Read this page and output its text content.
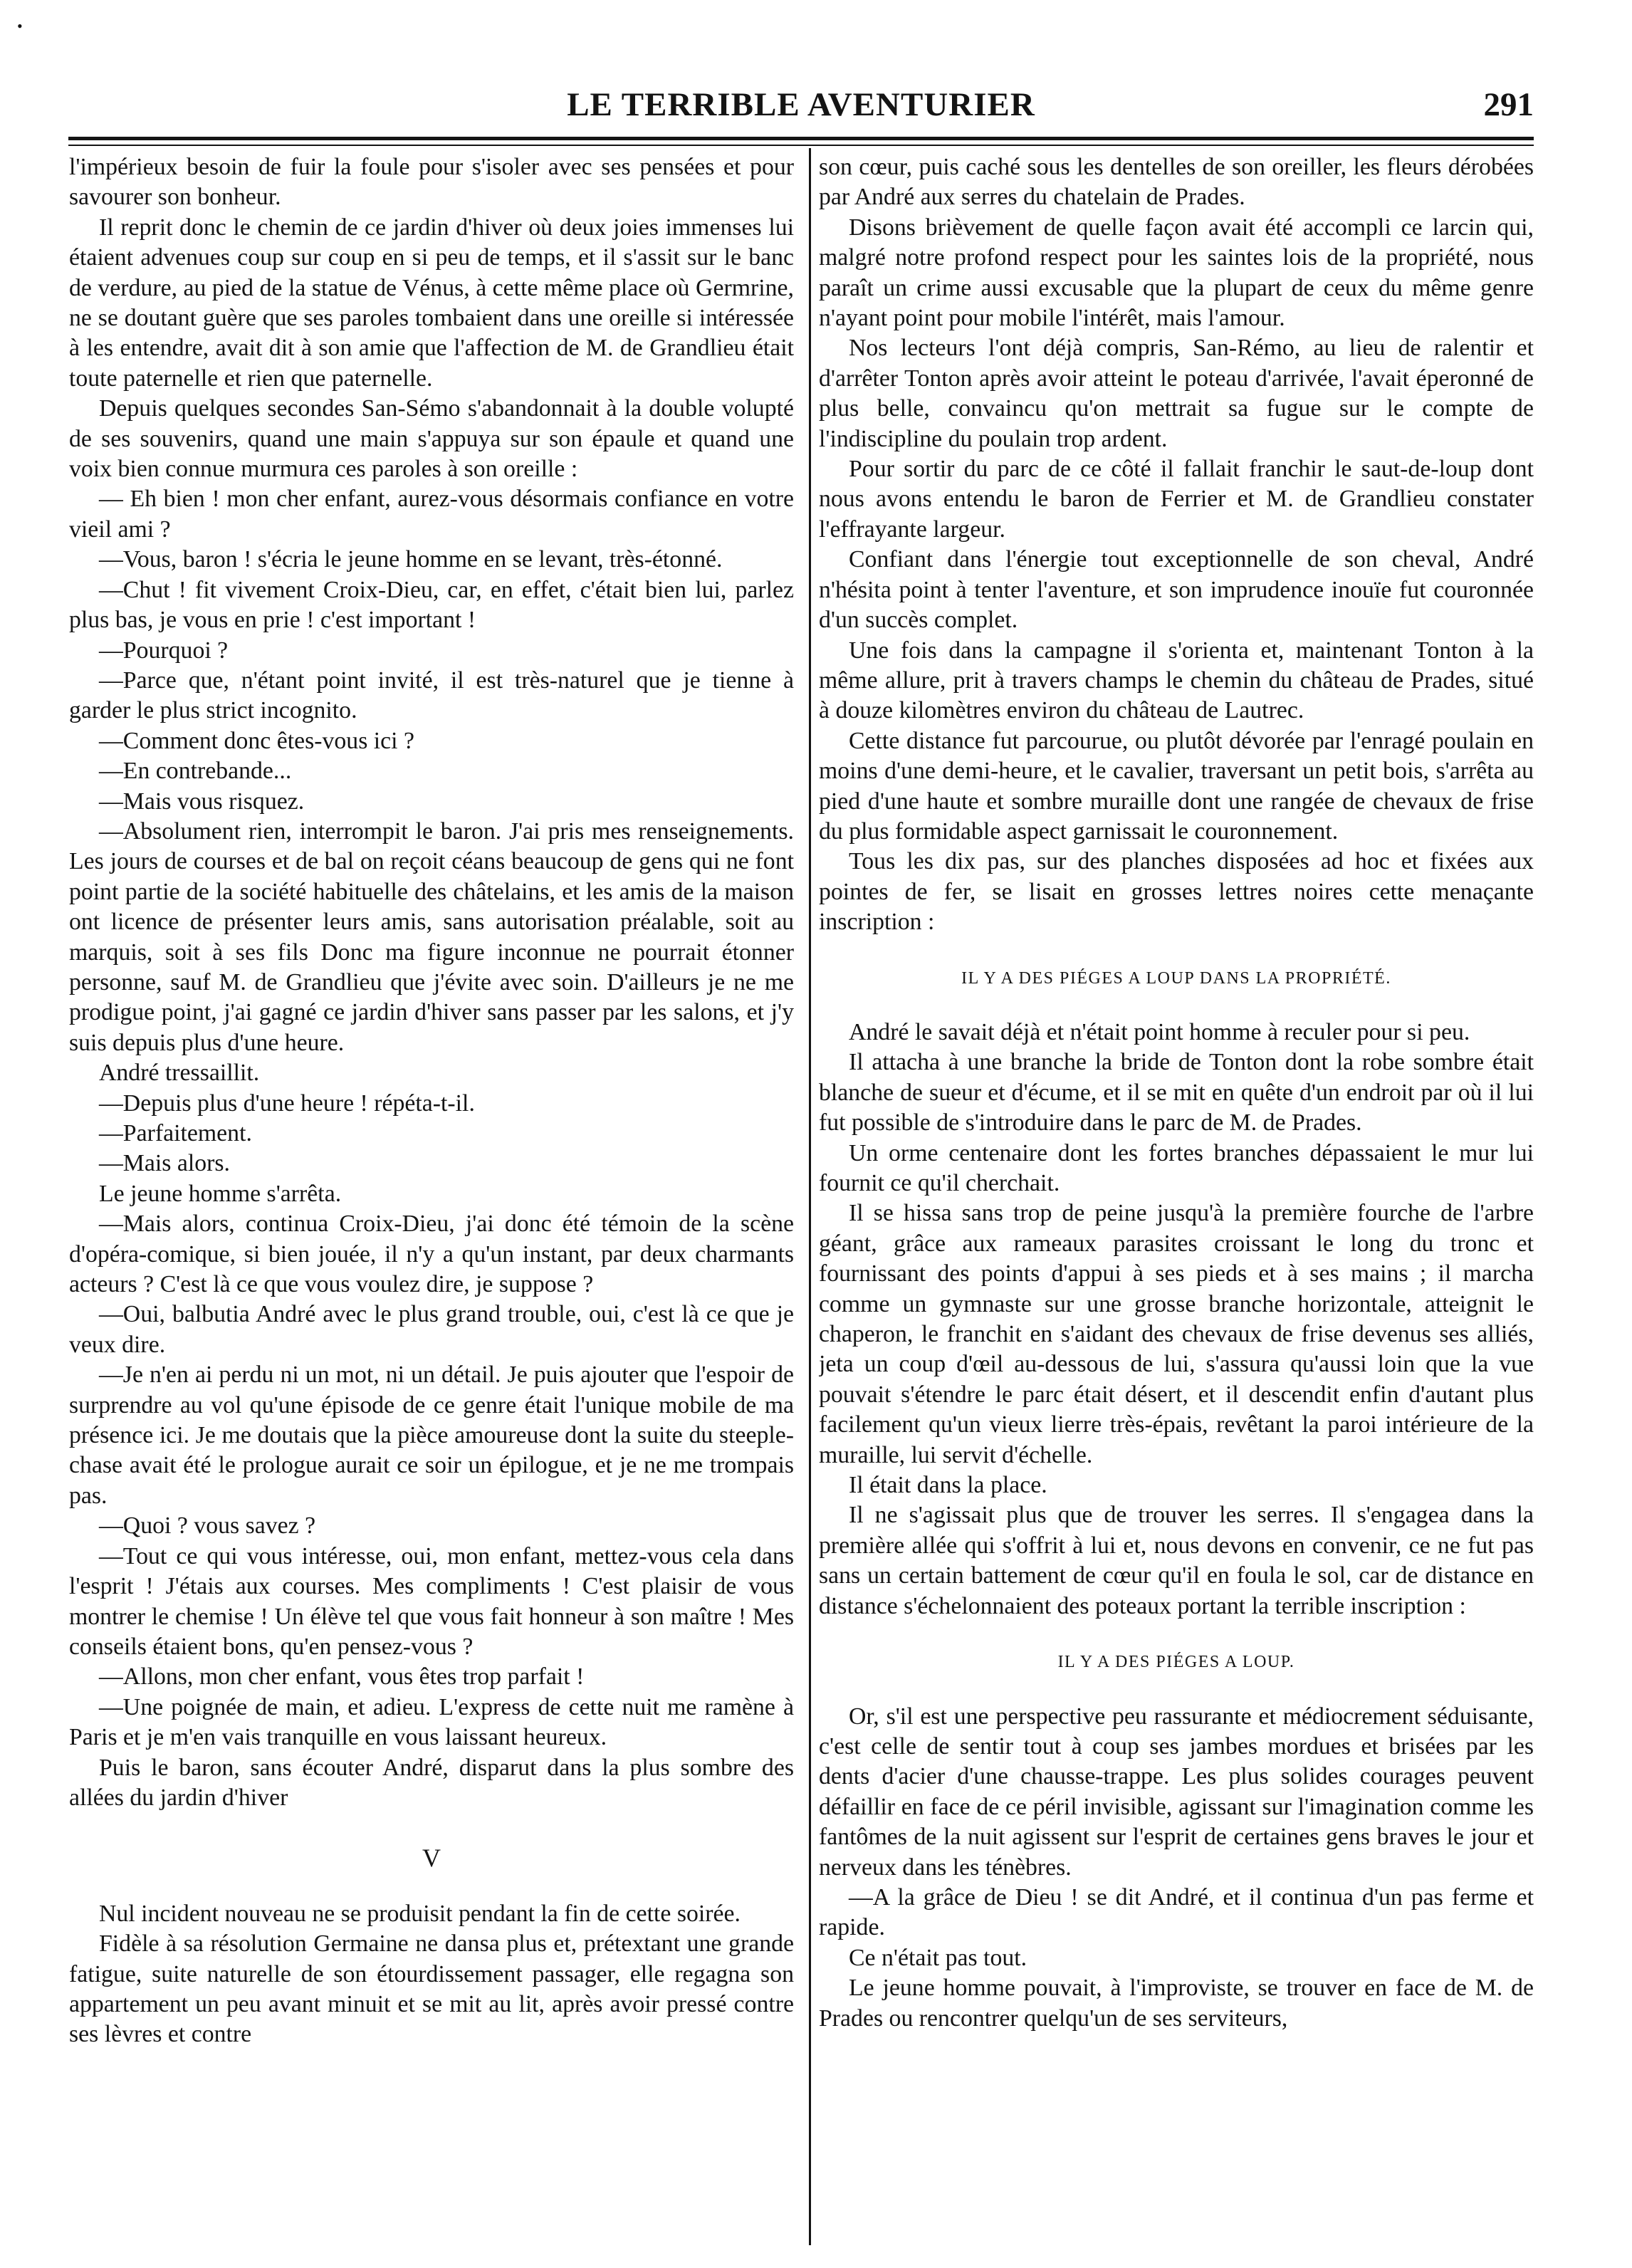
•
LE TERRIBLE AVENTURIER	291

l'impérieux besoin de fuir la foule pour s'isoler avec ses pensées et pour savourer son bonheur.

Il reprit donc le chemin de ce jardin d'hiver où deux joies immenses lui étaient advenues coup sur coup en si peu de temps, et il s'assit sur le banc de verdure, au pied de la statue de Vénus, à cette même place où Germrine, ne se doutant guère que ses paroles tombaient dans une oreille si intéressée à les entendre, avait dit à son amie que l'affection de M. de Grandlieu était toute paternelle et rien que paternelle.

Depuis quelques secondes San-Sémo s'abandonnait à la double volupté de ses souvenirs, quand une main s'appuya sur son épaule et quand une voix bien connue murmura ces paroles à son oreille :

— Eh bien ! mon cher enfant, aurez-vous désormais confiance en votre vieil ami ?

—Vous, baron ! s'écria le jeune homme en se levant, très-étonné.

—Chut ! fit vivement Croix-Dieu, car, en effet, c'était bien lui, parlez plus bas, je vous en prie ! c'est important !

—Pourquoi ?

—Parce que, n'étant point invité, il est très-naturel que je tienne à garder le plus strict incognito.

—Comment donc êtes-vous ici ?

—En contrebande...

—Mais vous risquez.

—Absolument rien, interrompit le baron. J'ai pris mes renseignements. Les jours de courses et de bal on reçoit céans beaucoup de gens qui ne font point partie de la société habituelle des châtelains, et les amis de la maison ont licence de présenter leurs amis, sans autorisation préalable, soit au marquis, soit à ses fils Donc ma figure inconnue ne pourrait étonner personne, sauf M. de Grandlieu que j'évite avec soin. D'ailleurs je ne me prodigue point, j'ai gagné ce jardin d'hiver sans passer par les salons, et j'y suis depuis plus d'une heure.

André tressaillit.

—Depuis plus d'une heure ! répéta-t-il.

—Parfaitement.

—Mais alors.

Le jeune homme s'arrêta.

—Mais alors, continua Croix-Dieu, j'ai donc été témoin de la scène d'opéra-comique, si bien jouée, il n'y a qu'un instant, par deux charmants acteurs ? C'est là ce que vous voulez dire, je suppose ?

—Oui, balbutia André avec le plus grand trouble, oui, c'est là ce que je veux dire.

—Je n'en ai perdu ni un mot, ni un détail. Je puis ajouter que l'espoir de surprendre au vol qu'une épisode de ce genre était l'unique mobile de ma présence ici. Je me doutais que la pièce amoureuse dont la suite du steeple-chase avait été le prologue aurait ce soir un épilogue, et je ne me trompais pas.

—Quoi ? vous savez ?

—Tout ce qui vous intéresse, oui, mon enfant, mettez-vous cela dans l'esprit ! J'étais aux courses. Mes compliments ! C'est plaisir de vous montrer le chemise ! Un élève tel que vous fait honneur à son maître ! Mes conseils étaient bons, qu'en pensez-vous ?

—Allons, mon cher enfant, vous êtes trop parfait !

—Une poignée de main, et adieu. L'express de cette nuit me ramène à Paris et je m'en vais tranquille en vous laissant heureux.

Puis le baron, sans écouter André, disparut dans la plus sombre des allées du jardin d'hiver

V

Nul incident nouveau ne se produisit pendant la fin de cette soirée.

Fidèle à sa résolution Germaine ne dansa plus et, prétextant une grande fatigue, suite naturelle de son étourdissement passager, elle regagna son appartement un peu avant minuit et se mit au lit, après avoir pressé contre ses lèvres et contre

son cœur, puis caché sous les dentelles de son oreiller, les fleurs dérobées par André aux serres du chatelain de Prades.

Disons brièvement de quelle façon avait été accompli ce larcin qui, malgré notre profond respect pour les saintes lois de la propriété, nous paraît un crime aussi excusable que la plupart de ceux du même genre n'ayant point pour mobile l'intérêt, mais l'amour.

Nos lecteurs l'ont déjà compris, San-Rémo, au lieu de ralentir et d'arrêter Tonton après avoir atteint le poteau d'arrivée, l'avait éperonné de plus belle, convaincu qu'on mettrait sa fugue sur le compte de l'indiscipline du poulain trop ardent.

Pour sortir du parc de ce côté il fallait franchir le saut-de-loup dont nous avons entendu le baron de Ferrier et M. de Grandlieu constater l'effrayante largeur.

Confiant dans l'énergie tout exceptionnelle de son cheval, André n'hésita point à tenter l'aventure, et son imprudence inouïe fut couronnée d'un succès complet.

Une fois dans la campagne il s'orienta et, maintenant Tonton à la même allure, prit à travers champs le chemin du château de Prades, situé à douze kilomètres environ du château de Lautrec.

Cette distance fut parcourue, ou plutôt dévorée par l'enragé poulain en moins d'une demi-heure, et le cavalier, traversant un petit bois, s'arrêta au pied d'une haute et sombre muraille dont une rangée de chevaux de frise du plus formidable aspect garnissait le couronnement.

Tous les dix pas, sur des planches disposées ad hoc et fixées aux pointes de fer, se lisait en grosses lettres noires cette menaçante inscription :

IL Y A DES PIÉGES A LOUP DANS LA PROPRIÉTÉ.

André le savait déjà et n'était point homme à reculer pour si peu.

Il attacha à une branche la bride de Tonton dont la robe sombre était blanche de sueur et d'écume, et il se mit en quête d'un endroit par où il lui fut possible de s'introduire dans le parc de M. de Prades.

Un orme centenaire dont les fortes branches dépassaient le mur lui fournit ce qu'il cherchait.

Il se hissa sans trop de peine jusqu'à la première fourche de l'arbre géant, grâce aux rameaux parasites croissant le long du tronc et fournissant des points d'appui à ses pieds et à ses mains ; il marcha comme un gymnaste sur une grosse branche horizontale, atteignit le chaperon, le franchit en s'aidant des chevaux de frise devenus ses alliés, jeta un coup d'œil au-dessous de lui, s'assura qu'aussi loin que la vue pouvait s'étendre le parc était désert, et il descendit enfin d'autant plus facilement qu'un vieux lierre très-épais, revêtant la paroi intérieure de la muraille, lui servit d'échelle.

Il était dans la place.

Il ne s'agissait plus que de trouver les serres. Il s'engagea dans la première allée qui s'offrit à lui et, nous devons en convenir, ce ne fut pas sans un certain battement de cœur qu'il en foula le sol, car de distance en distance s'échelonnaient des poteaux portant la terrible inscription :

IL Y A DES PIÉGES A LOUP.

Or, s'il est une perspective peu rassurante et médiocrement séduisante, c'est celle de sentir tout à coup ses jambes mordues et brisées par les dents d'acier d'une chausse-trappe. Les plus solides courages peuvent défaillir en face de ce péril invisible, agissant sur l'imagination comme les fantômes de la nuit agissent sur l'esprit de certaines gens braves le jour et nerveux dans les ténèbres.

—A la grâce de Dieu ! se dit André, et il continua d'un pas ferme et rapide.

Ce n'était pas tout.

Le jeune homme pouvait, à l'improviste, se trouver en face de M. de Prades ou rencontrer quelqu'un de ses serviteurs,
